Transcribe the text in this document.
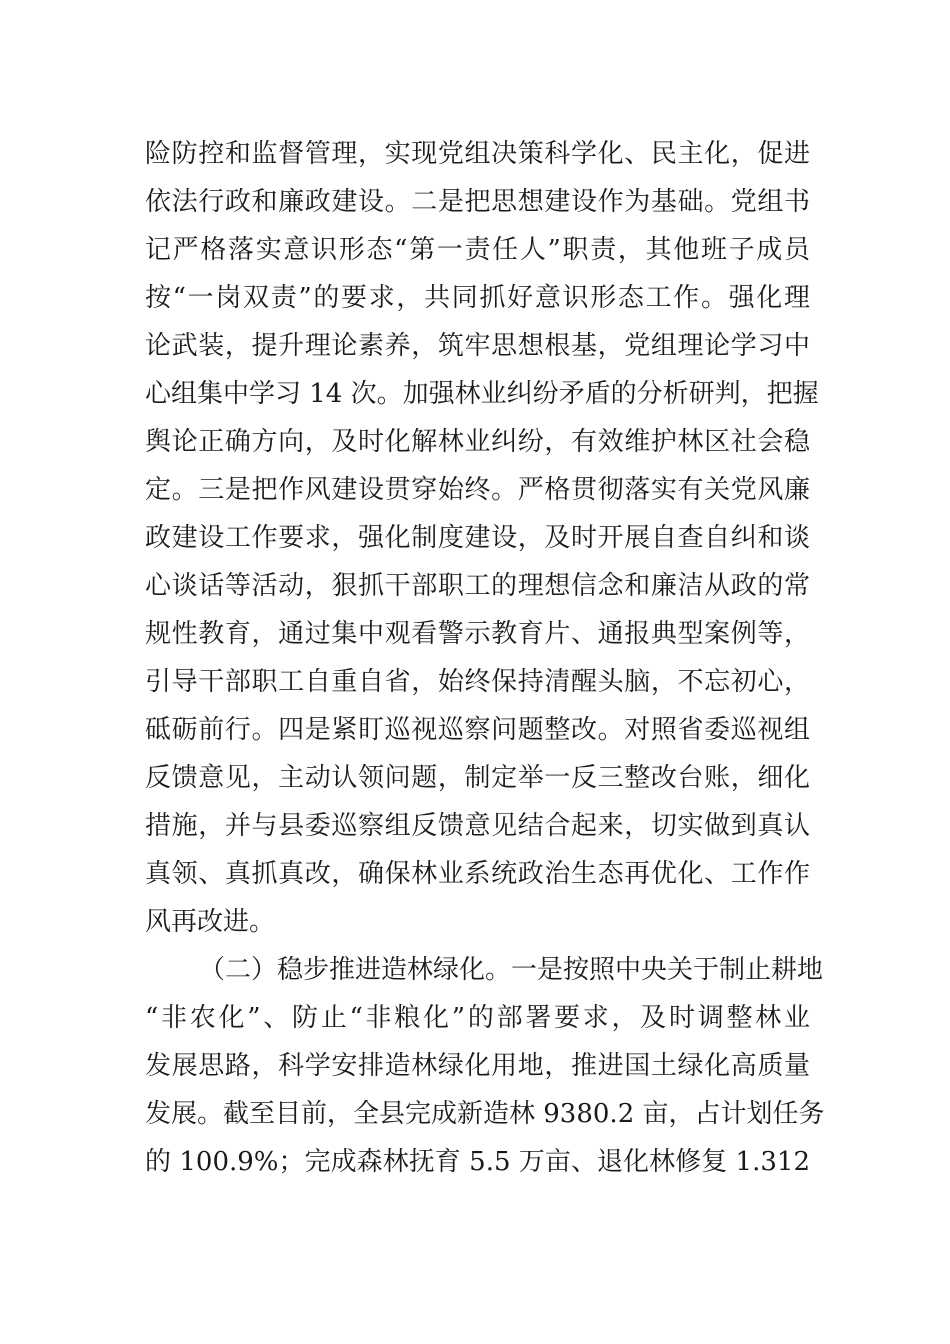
险防控和监督管理，实现党组决策科学化、民主化，促进
依法行政和廉政建设。二是把思想建设作为基础。党组书
记严格落实意识形态“第一责任人”职责，其他班子成员
按“一岗双责”的要求，共同抓好意识形态工作。强化理
论武装，提升理论素养，筑牢思想根基，党组理论学习中
心组集中学习 14 次。加强林业纠纷矛盾的分析研判，把握
舆论正确方向，及时化解林业纠纷，有效维护林区社会稳
定。三是把作风建设贯穿始终。严格贯彻落实有关党风廉
政建设工作要求，强化制度建设，及时开展自查自纠和谈
心谈话等活动，狠抓干部职工的理想信念和廉洁从政的常
规性教育，通过集中观看警示教育片、通报典型案例等，
引导干部职工自重自省，始终保持清醒头脑，不忘初心，
砥砺前行。四是紧盯巡视巡察问题整改。对照省委巡视组
反馈意见，主动认领问题，制定举一反三整改台账，细化
措施，并与县委巡察组反馈意见结合起来，切实做到真认
真领、真抓真改，确保林业系统政治生态再优化、工作作
风再改进。
（二）稳步推进造林绿化。一是按照中央关于制止耕地
“非农化”、防止“非粮化”的部署要求，及时调整林业
发展思路，科学安排造林绿化用地，推进国土绿化高质量
发展。截至目前，全县完成新造林 9380.2 亩，占计划任务
的 100.9%；完成森林抚育 5.5 万亩、退化林修复 1.312
